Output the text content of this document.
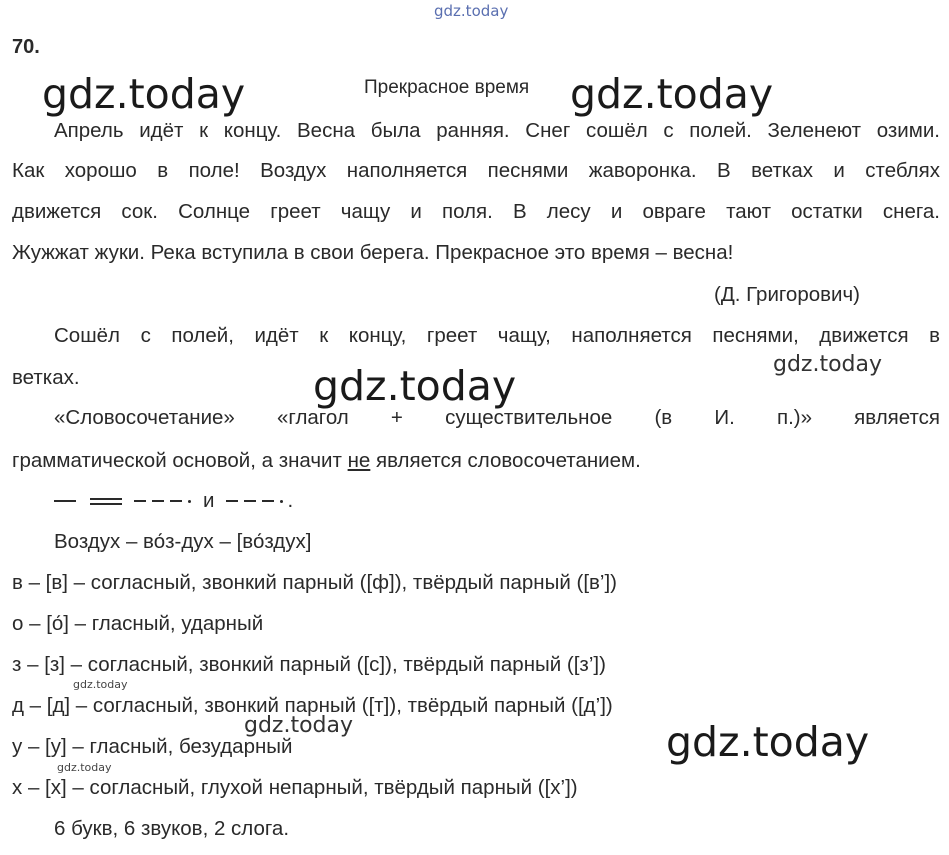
gdz.today
gdz.today	gdz.today
gdz.today
gdz.today
gdz.today
gdz.today	gdz.today
gdz.today
70.
Прекрасное время
Апрель идёт к концу. Весна была ранняя. Снег сошёл с полей. Зеленеют озими.
Как хорошо в поле! Воздух наполняется песнями жаворонка. В ветках и стеблях
движется сок. Солнце греет чащу и поля. В лесу и овраге тают остатки снега.
Жужжат жуки. Река вступила в свои берега. Прекрасное это время – весна!
(Д. Григорович)
Сошёл с полей, идёт к концу, греет чащу, наполняется песнями, движется в
ветках.
«Словосочетание» «глагол + существительное (в И. п.)» является
грамматической основой, а значит не является словосочетанием.
и	.
Воздух – во́з-дух – [во́здух]
в – [в] – согласный, звонкий парный ([ф]), твёрдый парный ([в’])
о – [о́] – гласный, ударный
з – [з] – согласный, звонкий парный ([с]), твёрдый парный ([з’])
д – [д] – согласный, звонкий парный ([т]), твёрдый парный ([д’])
у – [у] – гласный, безударный
х – [х] – согласный, глухой непарный, твёрдый парный ([х’])
6 букв, 6 звуков, 2 слога.
